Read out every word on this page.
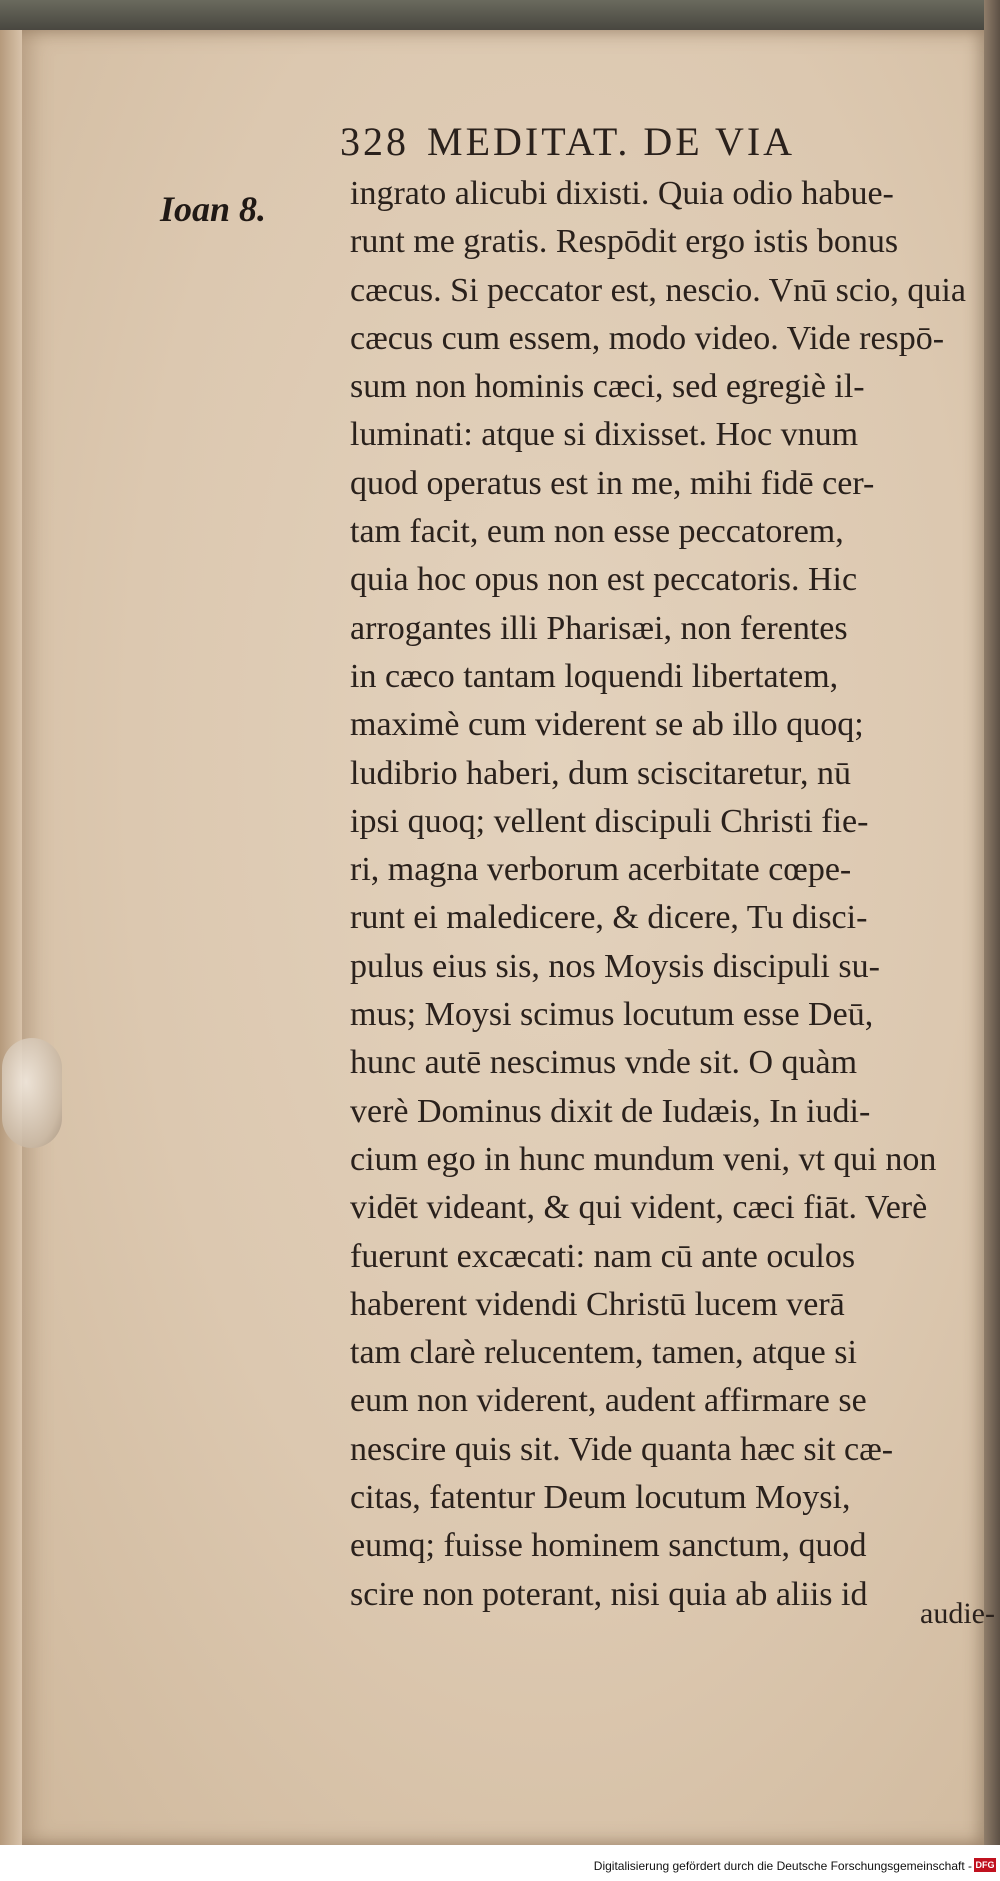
328 MEDITAT. DE VIA
Ioan 8. ingrato alicubi dixisti. Quia odio habue-
runt me gratis. Respōdit ergo istis bonus
cæcus. Si peccator est, nescio. Vnū scio, quia
cæcus cum essem, modo video. Vide respō-
sum non hominis cæci, sed egregiè il-
luminati: atque si dixisset. Hoc vnum
quod operatus est in me, mihi fidē cer-
tam facit, eum non esse peccatorem,
quia hoc opus non est peccatoris. Hic
arrogantes illi Pharisæi, non ferentes
in cæco tantam loquendi libertatem,
maximè cum viderent se ab illo quoq;
ludibrio haberi, dum sciscitaretur, nū
ipsi quoq; vellent discipuli Christi fie-
ri, magna verborum acerbitate cœpe-
runt ei maledicere, & dicere, Tu disci-
pulus eius sis, nos Moysis discipuli su-
mus; Moysi scimus locutum esse Deū,
hunc autē nescimus vnde sit. O quàm
verè Dominus dixit de Iudæis, In iudi-
cium ego in hunc mundum veni, vt qui non
vidēt videant, & qui vident, cæci fiāt. Verè
fuerunt excæcati: nam cū ante oculos
haberent videndi Christū lucem verā
tam clarè relucentem, tamen, atque si
eum non viderent, audent affirmare se
nescire quis sit. Vide quanta hæc sit cæ-
citas, fatentur Deum locutum Moysi,
eumq; fuisse hominem sanctum, quod
scire non poterant, nisi quia ab aliis id
audie-
Digitalisierung gefördert durch die Deutsche Forschungsgemeinschaft - DFG
